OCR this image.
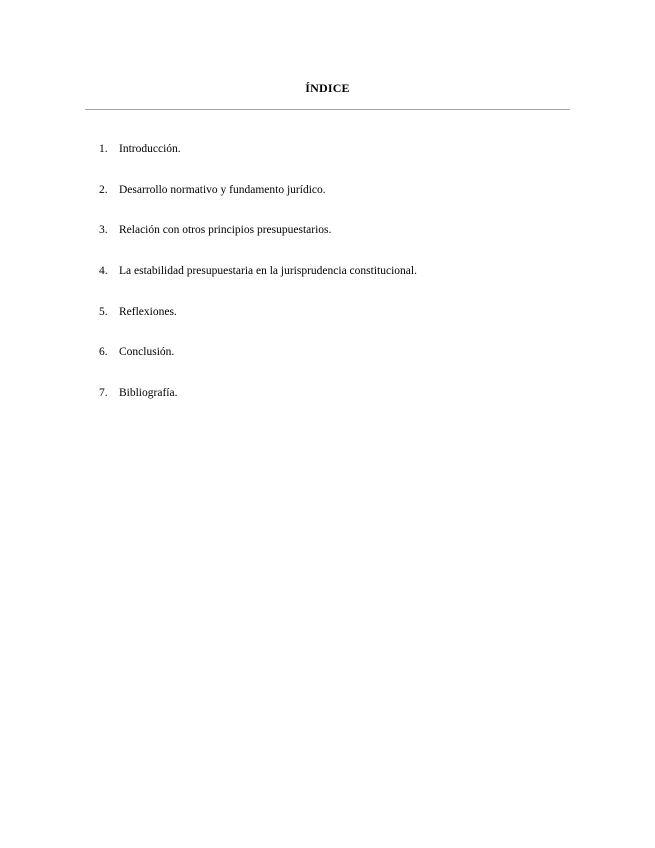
ÍNDICE
1. Introducción.
2. Desarrollo normativo y fundamento jurídico.
3. Relación con otros principios presupuestarios.
4. La estabilidad presupuestaria en la jurisprudencia constitucional.
5. Reflexiones.
6. Conclusión.
7. Bibliografía.
